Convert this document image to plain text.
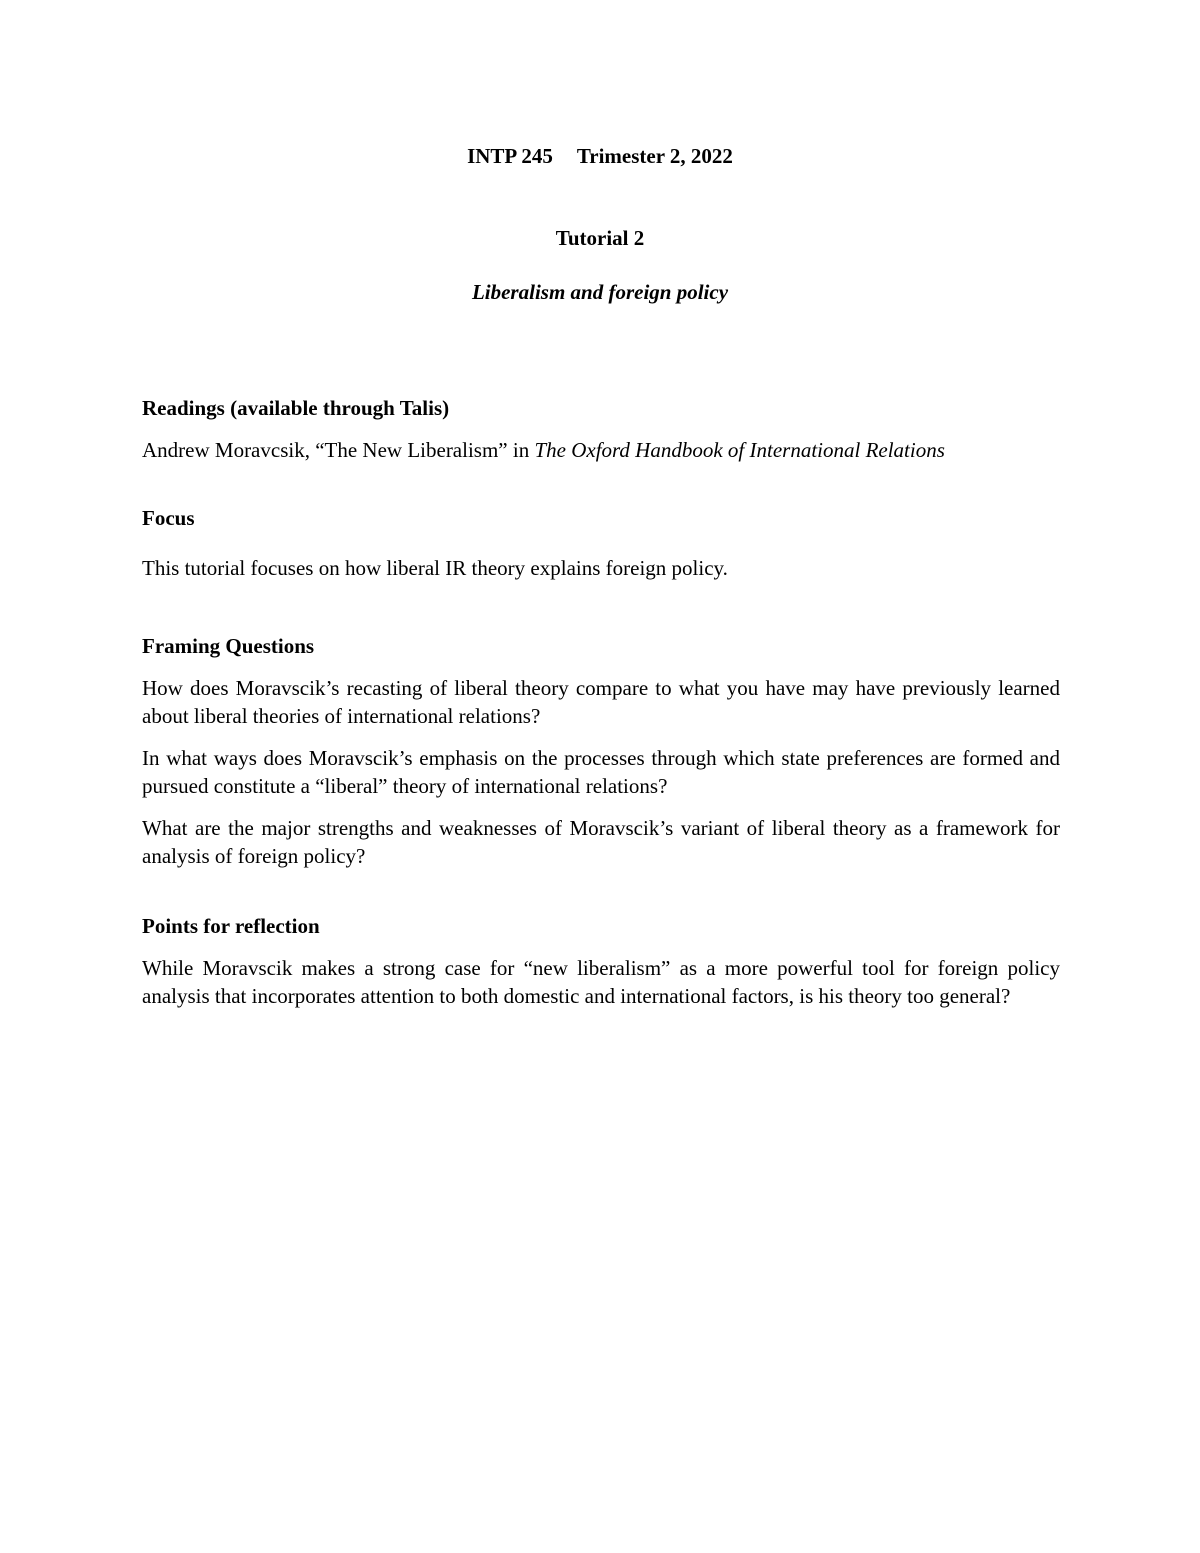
INTP 245 Trimester 2, 2022
Tutorial 2
Liberalism and foreign policy

Readings (available through Talis)

Andrew Moravcsik, “The New Liberalism” in The Oxford Handbook of International Relations

Focus

This tutorial focuses on how liberal IR theory explains foreign policy.

Framing Questions

How does Moravscik’s recasting of liberal theory compare to what you have may have previously learned about liberal theories of international relations?

In what ways does Moravscik’s emphasis on the processes through which state preferences are formed and pursued constitute a “liberal” theory of international relations?

What are the major strengths and weaknesses of Moravscik’s variant of liberal theory as a framework for analysis of foreign policy?

Points for reflection

While Moravscik makes a strong case for “new liberalism” as a more powerful tool for foreign policy analysis that incorporates attention to both domestic and international factors, is his theory too general?
